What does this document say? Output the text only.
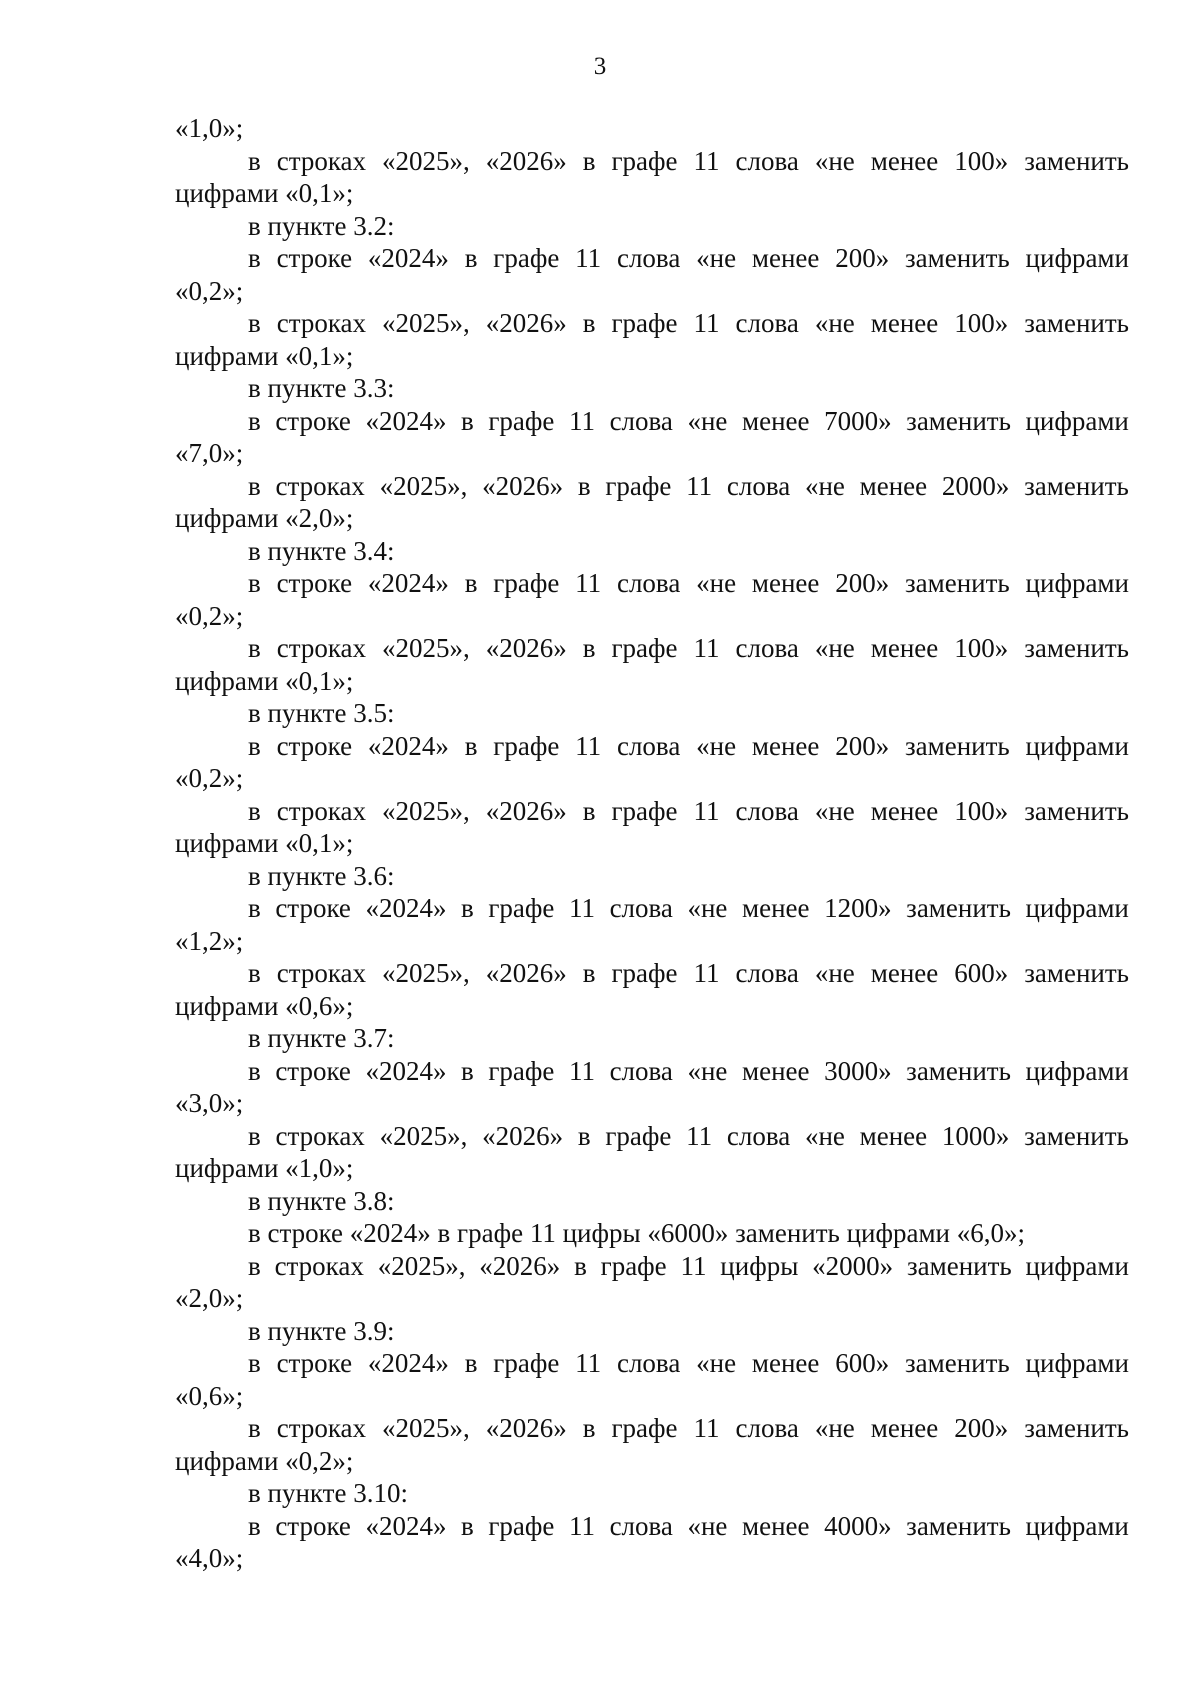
3
«1,0»;
в строках «2025», «2026» в графе 11 слова «не менее 100» заменить
цифрами «0,1»;
в пункте 3.2:
в строке «2024» в графе 11 слова «не менее 200» заменить цифрами
«0,2»;
в строках «2025», «2026» в графе 11 слова «не менее 100» заменить
цифрами «0,1»;
в пункте 3.3:
в строке «2024» в графе 11 слова «не менее 7000» заменить цифрами
«7,0»;
в строках «2025», «2026» в графе 11 слова «не менее 2000» заменить
цифрами «2,0»;
в пункте 3.4:
в строке «2024» в графе 11 слова «не менее 200» заменить цифрами
«0,2»;
в строках «2025», «2026» в графе 11 слова «не менее 100» заменить
цифрами «0,1»;
в пункте 3.5:
в строке «2024» в графе 11 слова «не менее 200» заменить цифрами
«0,2»;
в строках «2025», «2026» в графе 11 слова «не менее 100» заменить
цифрами «0,1»;
в пункте 3.6:
в строке «2024» в графе 11 слова «не менее 1200» заменить цифрами
«1,2»;
в строках «2025», «2026» в графе 11 слова «не менее 600» заменить
цифрами «0,6»;
в пункте 3.7:
в строке «2024» в графе 11 слова «не менее 3000» заменить цифрами
«3,0»;
в строках «2025», «2026» в графе 11 слова «не менее 1000» заменить
цифрами «1,0»;
в пункте 3.8:
в строке «2024» в графе 11 цифры «6000» заменить цифрами «6,0»;
в строках «2025», «2026» в графе 11 цифры «2000» заменить цифрами
«2,0»;
в пункте 3.9:
в строке «2024» в графе 11 слова «не менее 600» заменить цифрами
«0,6»;
в строках «2025», «2026» в графе 11 слова «не менее 200» заменить
цифрами «0,2»;
в пункте 3.10:
в строке «2024» в графе 11 слова «не менее 4000» заменить цифрами
«4,0»;
